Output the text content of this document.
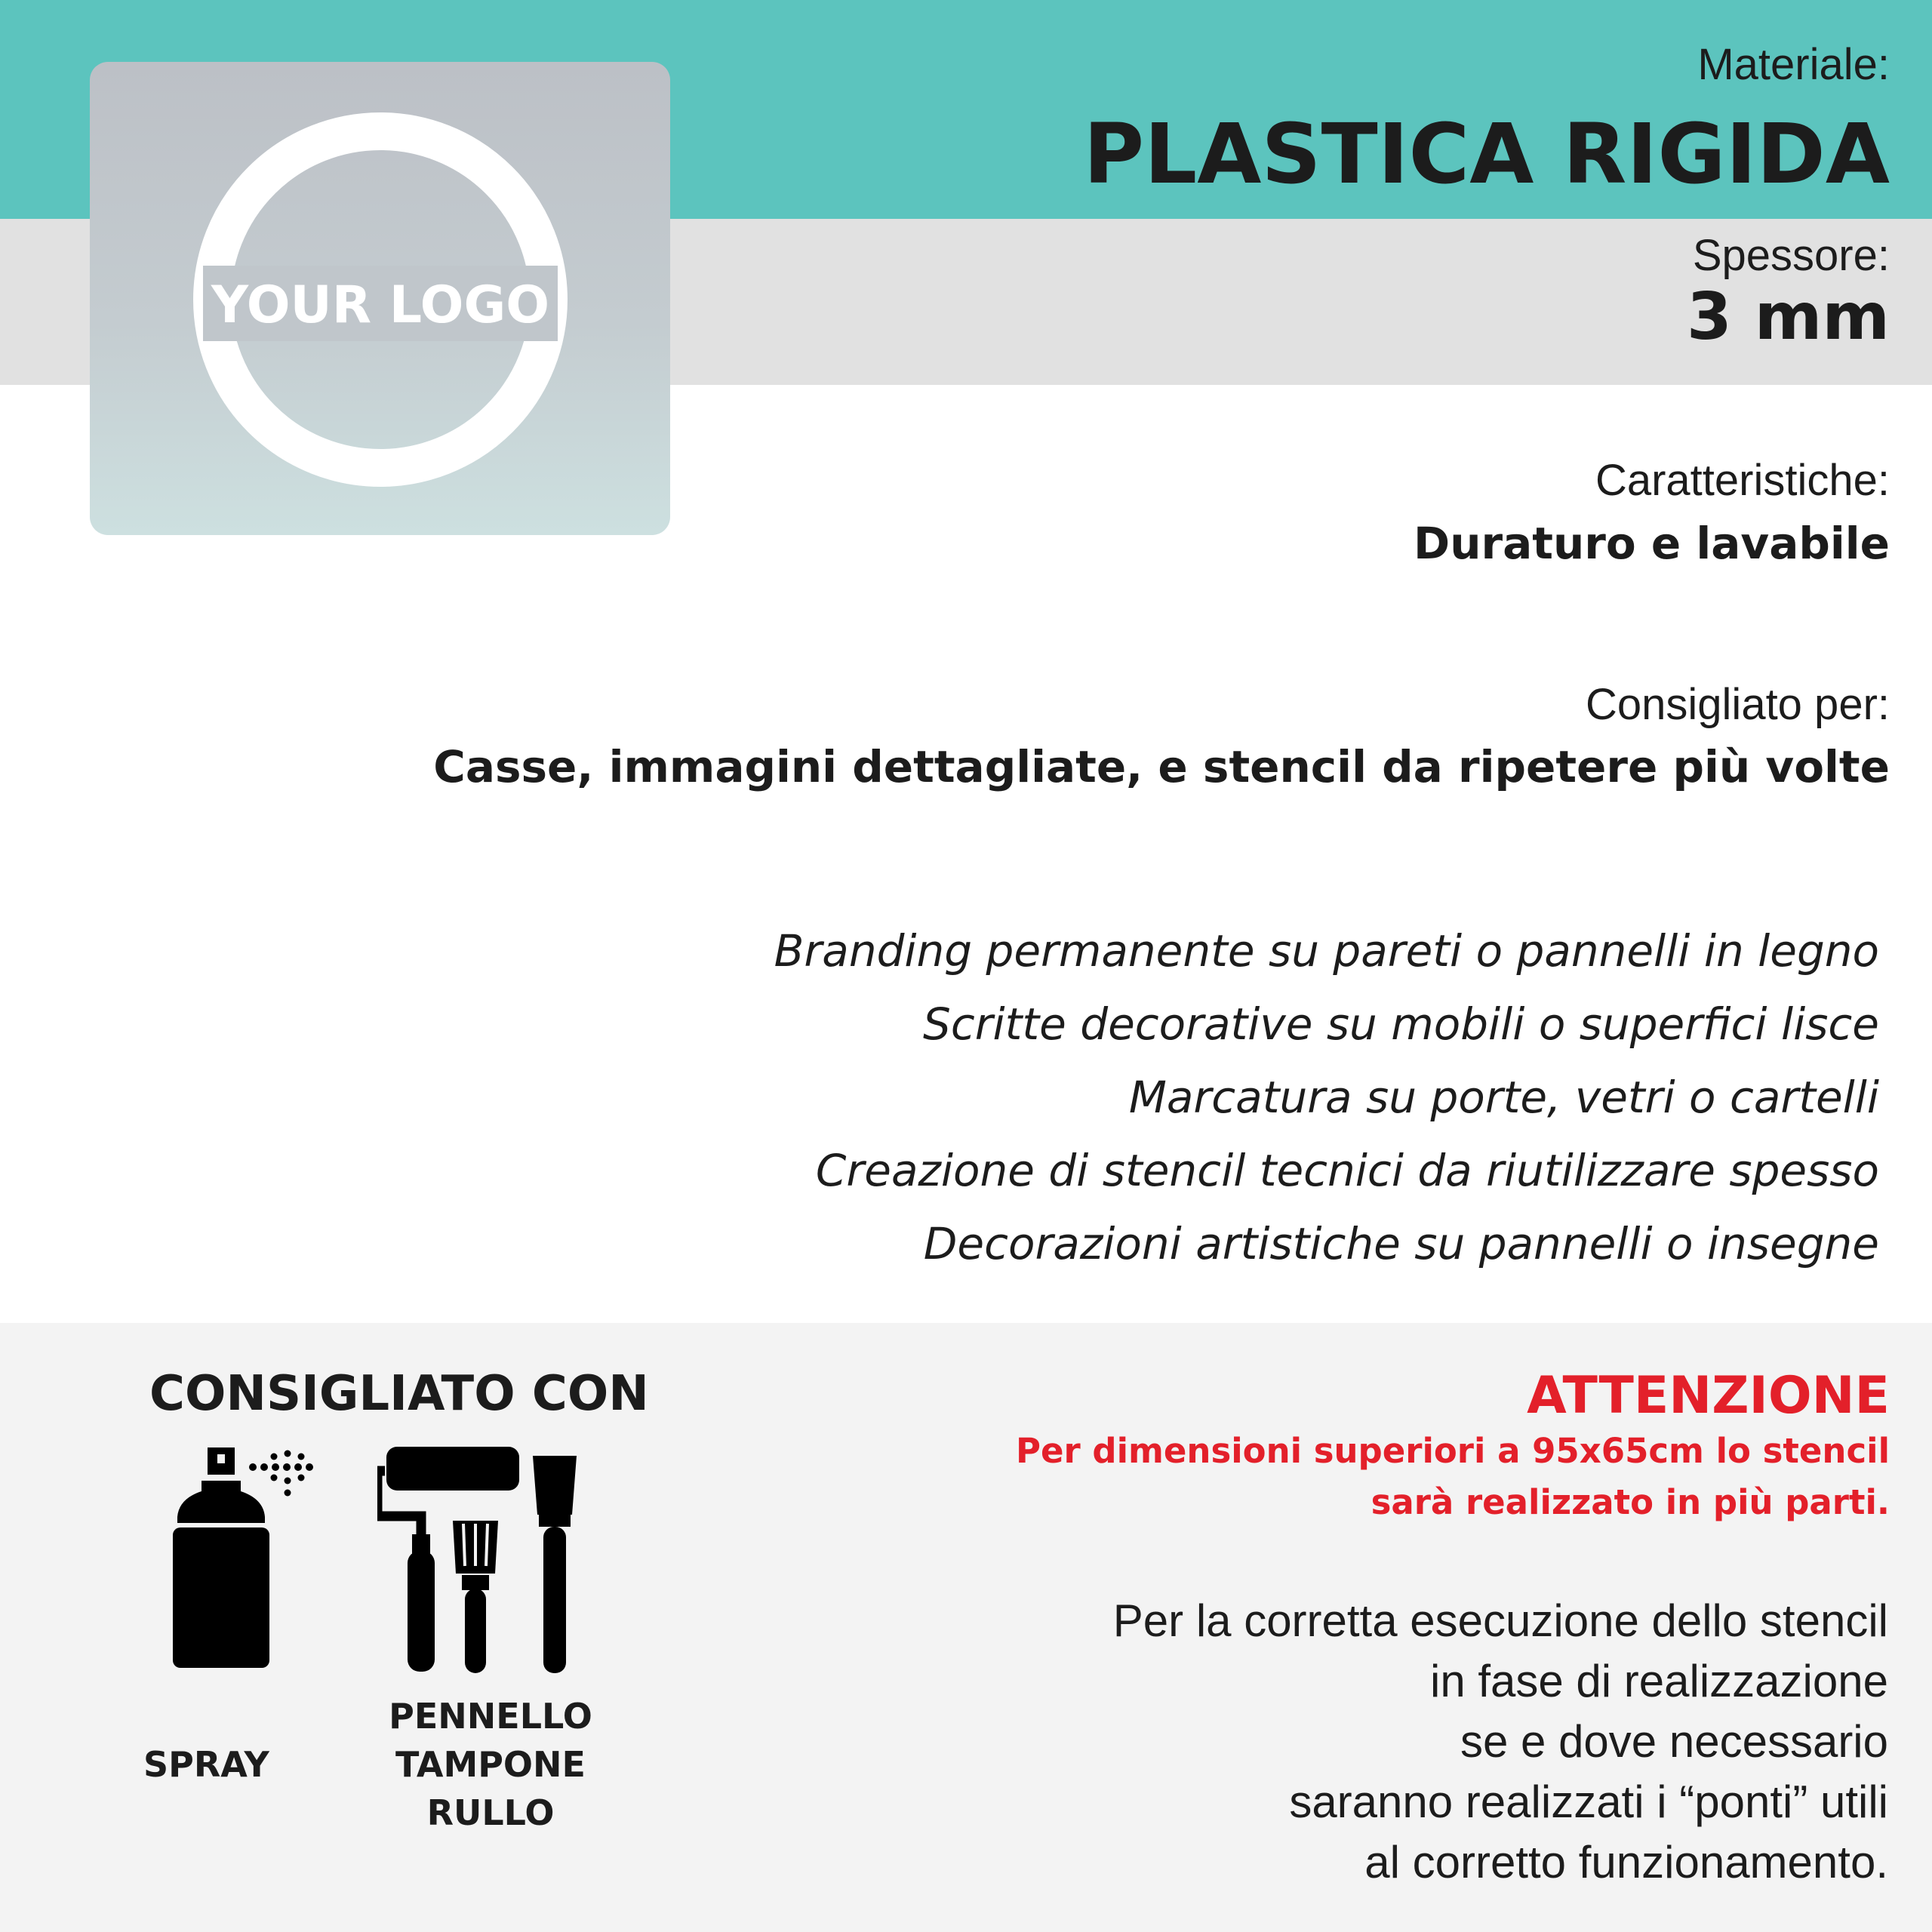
YOUR LOGO
Materiale:
PLASTICA RIGIDA
Spessore:
3 mm
Caratteristiche:
Duraturo e lavabile
Consigliato per:
Casse, immagini dettagliate, e stencil da ripetere più volte
Branding permanente su pareti o pannelli in legno
Scritte decorative su mobili o superfici lisce
Marcatura su porte, vetri o cartelli
Creazione di stencil tecnici da riutilizzare spesso
Decorazioni artistiche su pannelli o insegne
CONSIGLIATO CON
SPRAY
PENNELLO
TAMPONE
RULLO
ATTENZIONE
Per dimensioni superiori a 95x65cm lo stencil
sarà realizzato in più parti.
Per la corretta esecuzione dello stencil
in fase di realizzazione
se e dove necessario
saranno realizzati i “ponti” utili
al corretto funzionamento.
